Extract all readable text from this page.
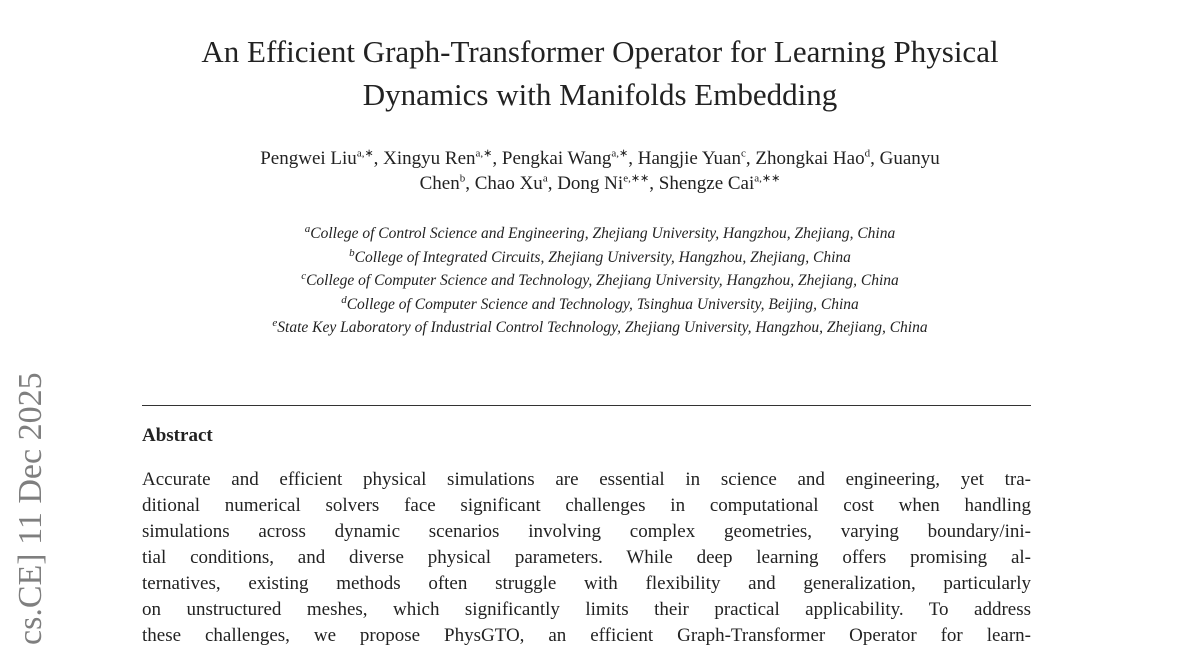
cs.CE] 11 Dec 2025
An Efficient Graph-Transformer Operator for Learning Physical
Dynamics with Manifolds Embedding
Pengwei Liu$^{a,∗}$, Xingyu Ren$^{a,∗}$, Pengkai Wang$^{a,∗}$, Hangjie Yuan$^c$, Zhongkai Hao$^d$, Guanyu
Chen$^b$, Chao Xu$^a$, Dong $Ni^{e,∗∗}$, Shengze Cai$^{a,∗∗}$
$^a$College of Control Science and Engineering, Zhejiang University, Hangzhou, Zhejiang, China
$^b$College of Integrated Circuits, Zhejiang University, Hangzhou, Zhejiang, China
$^c$College of Computer Science and Technology, Zhejiang University, Hangzhou, Zhejiang, China
$^d$College of Computer Science and Technology, Tsinghua University, Beijing, China
$^e$State Key Laboratory of Industrial Control Technology, Zhejiang University, Hangzhou, Zhejiang, China
Abstract
Accurate and efficient physical simulations are essential in science and engineering, yet tra-
ditional numerical solvers face significant challenges in computational cost when handling
simulations across dynamic scenarios involving complex geometries, varying boundary/ini-
tial conditions, and diverse physical parameters. While deep learning offers promising al-
ternatives, existing methods often struggle with flexibility and generalization, particularly
on unstructured meshes, which significantly limits their practical applicability. To address
these challenges, we propose PhysGTO, an efficient Graph-Transformer Operator for learn-
